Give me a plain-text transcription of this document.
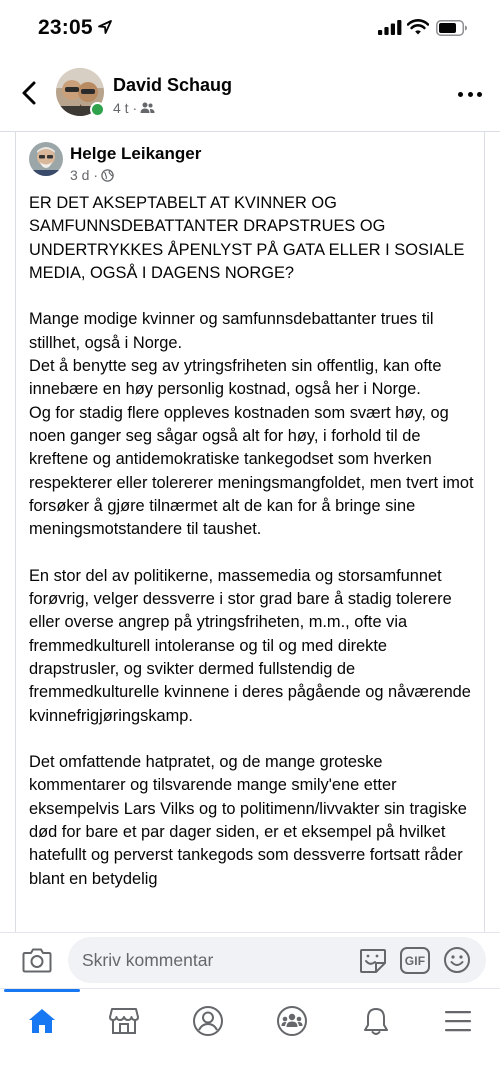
23:05
David Schaug
4 t ·
Helge Leikanger
3 d ·

ER DET AKSEPTABELT AT KVINNER OG SAMFUNNSDEBATTANTER DRAPSTRUES OG UNDERTRYKKES ÅPENLYST PÅ GATA ELLER I SOSIALE MEDIA, OGSÅ I DAGENS NORGE?

Mange modige kvinner og samfunnsdebattanter trues til stillhet, også i Norge.
Det å benytte seg av ytringsfriheten sin offentlig, kan ofte innebære en høy personlig kostnad, også her i Norge.
Og for stadig flere oppleves kostnaden som svært høy, og noen ganger seg sågar også alt for høy, i forhold til de kreftene og antidemokratiske tankegodset som hverken respekterer eller tolererer meningsmangfoldet, men tvert imot forsøker å gjøre tilnærmet alt de kan for å bringe sine meningsmotstandere til taushet.

En stor del av politikerne, massemedia og storsamfunnet forøvrig, velger dessverre i stor grad bare å stadig tolerere eller overse angrep på ytringsfriheten, m.m., ofte via fremmedkulturell intoleranse og til og med direkte drapstrusler, og svikter dermed fullstendig de fremmedkulturelle kvinnene i deres pågående og nåværende kvinnefrigjøringskamp.

Det omfattende hatpratet, og de mange groteske kommentarer og tilsvarende mange smily'ene etter eksempelvis Lars Vilks og to politimenn/livvakter sin tragiske død for bare et par dager siden, er et eksempel på hvilket hatefullt og perverst tankegods som dessverre fortsatt råder blant en betydelig

Skriv kommentar
GIF
